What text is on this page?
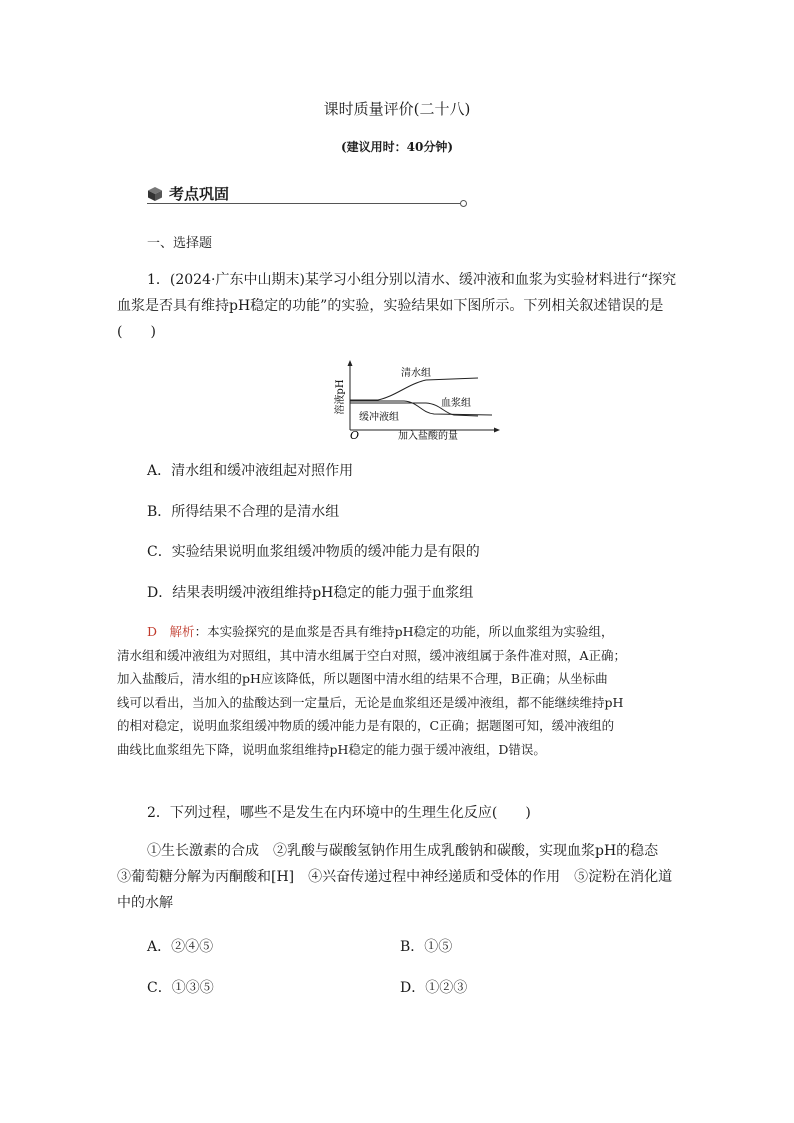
课时质量评价(二十八)
(建议用时：40分钟)
考点巩固
一、选择题
1．(2024·广东中山期末)某学习小组分别以清水、缓冲液和血浆为实验材料进行“探究
血浆是否具有维持pH稳定的功能”的实验，实验结果如下图所示。下列相关叙述错误的是
(　　)
溶液pH
清水组
血浆组
缓冲液组
O	加入盐酸的量
A．清水组和缓冲液组起对照作用
B．所得结果不合理的是清水组
C．实验结果说明血浆组缓冲物质的缓冲能力是有限的
D．结果表明缓冲液组维持pH稳定的能力强于血浆组
D　 解析：本实验探究的是血浆是否具有维持pH稳定的功能，所以血浆组为实验组，
清水组和缓冲液组为对照组，其中清水组属于空白对照，缓冲液组属于条件准对照，A正确；
加入盐酸后，清水组的pH应该降低，所以题图中清水组的结果不合理，B正确；从坐标曲
线可以看出，当加入的盐酸达到一定量后，无论是血浆组还是缓冲液组，都不能继续维持pH
的相对稳定，说明血浆组缓冲物质的缓冲能力是有限的，C正确；据题图可知，缓冲液组的
曲线比血浆组先下降，说明血浆组维持pH稳定的能力强于缓冲液组，D错误。
2．下列过程，哪些不是发生在内环境中的生理生化反应(　　)
①生长激素的合成　②乳酸与碳酸氢钠作用生成乳酸钠和碳酸，实现血浆pH的稳态
③葡萄糖分解为丙酮酸和[H]　④兴奋传递过程中神经递质和受体的作用　⑤淀粉在消化道
中的水解
A．②④⑤	B．①⑤
C．①③⑤	D．①②③
